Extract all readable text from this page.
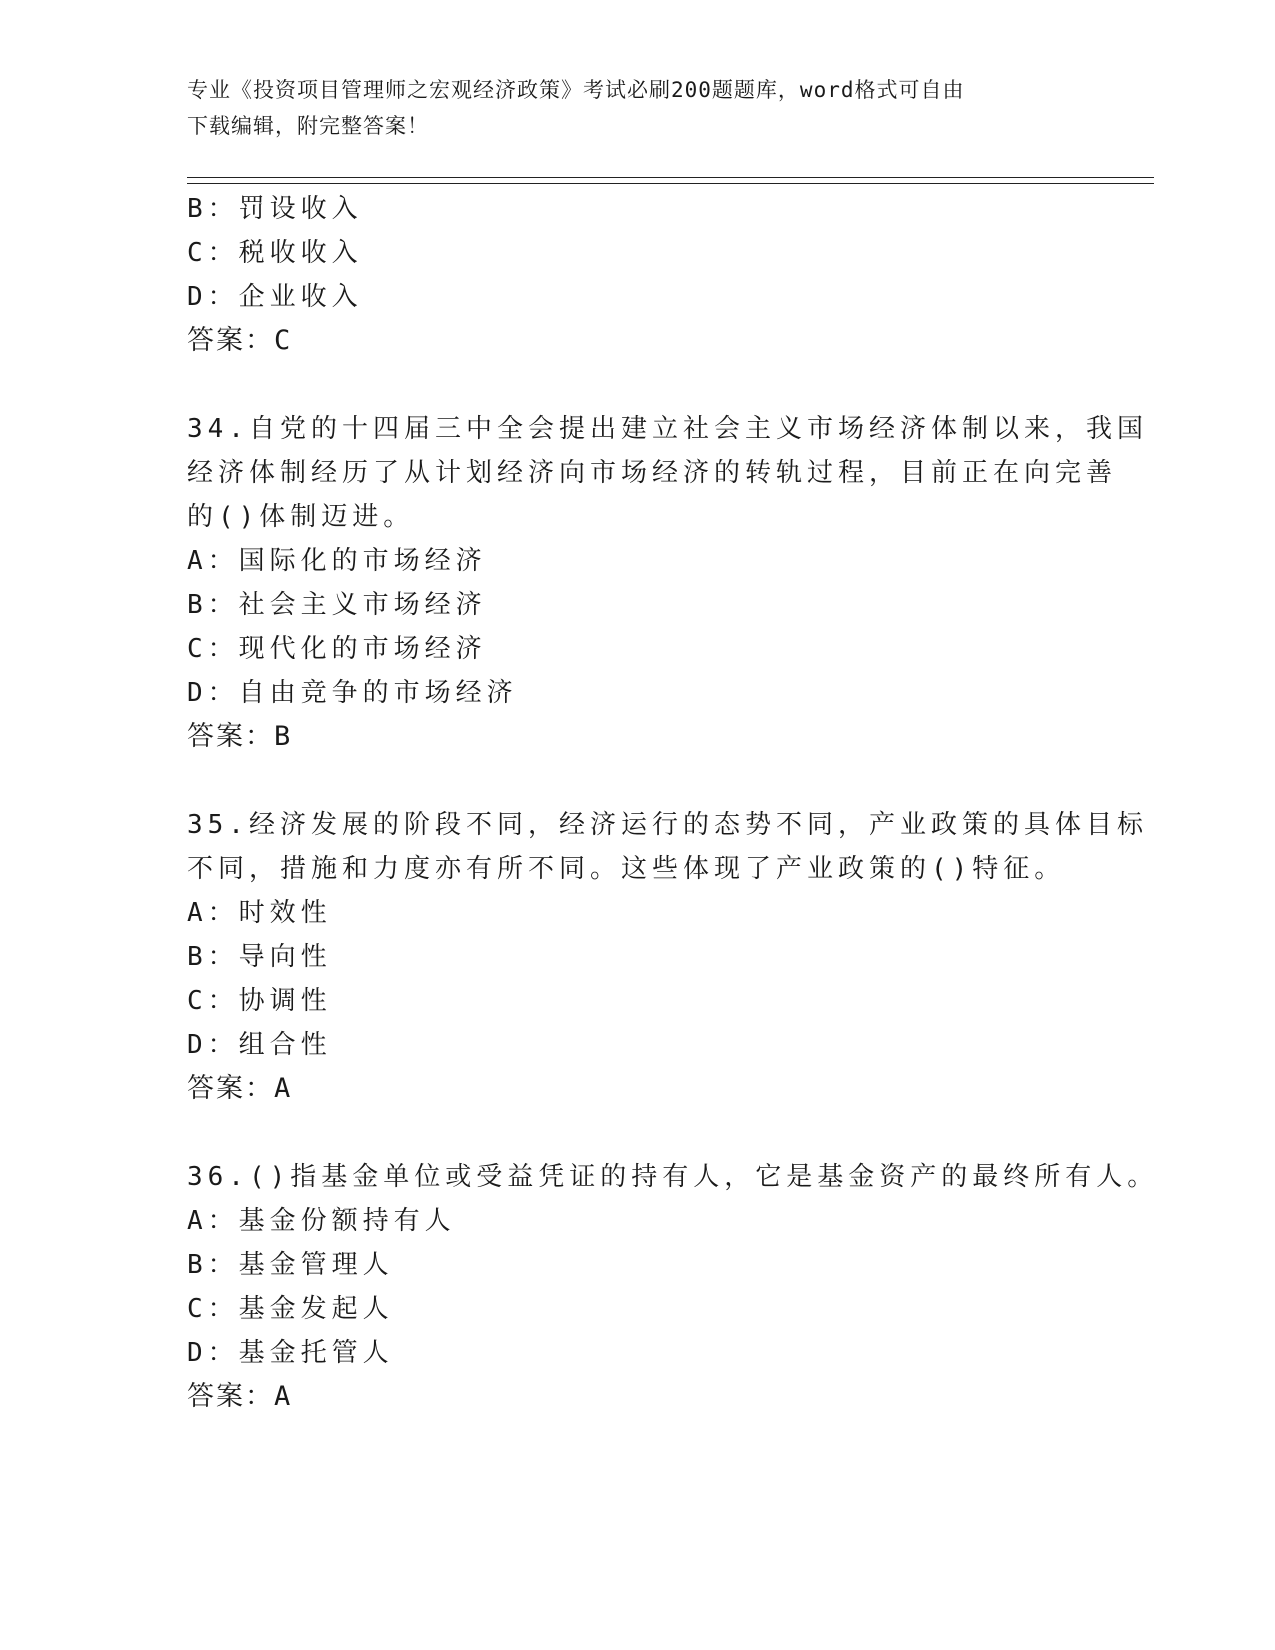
专业《投资项目管理师之宏观经济政策》考试必刷200题题库，word格式可自由
下载编辑，附完整答案！
B：罚设收入
C：税收收入
D：企业收入
答案：C
34.自党的十四届三中全会提出建立社会主义市场经济体制以来，我国
经济体制经历了从计划经济向市场经济的转轨过程，目前正在向完善
的()体制迈进。
A：国际化的市场经济
B：社会主义市场经济
C：现代化的市场经济
D：自由竞争的市场经济
答案：B
35.经济发展的阶段不同，经济运行的态势不同，产业政策的具体目标
不同，措施和力度亦有所不同。这些体现了产业政策的()特征。
A：时效性
B：导向性
C：协调性
D：组合性
答案：A
36.()指基金单位或受益凭证的持有人，它是基金资产的最终所有人。
A：基金份额持有人
B：基金管理人
C：基金发起人
D：基金托管人
答案：A
